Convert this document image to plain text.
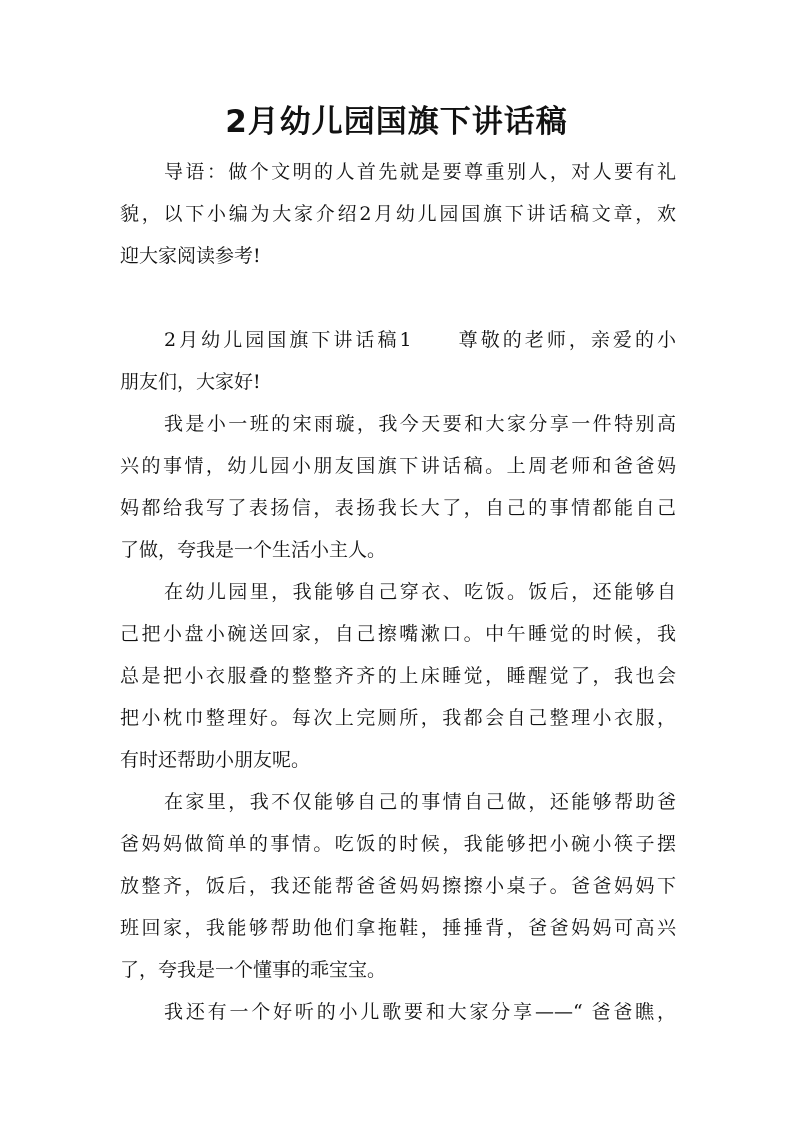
2月幼儿园国旗下讲话稿
导语：做个文明的人首先就是要尊重别人，对人要有礼
貌，以下小编为大家介绍2月幼儿园国旗下讲话稿文章，欢
迎大家阅读参考!
2月幼儿园国旗下讲话稿1　　尊敬的老师，亲爱的小
朋友们，大家好!
我是小一班的宋雨璇，我今天要和大家分享一件特别高
兴的事情，幼儿园小朋友国旗下讲话稿。上周老师和爸爸妈
妈都给我写了表扬信，表扬我长大了，自己的事情都能自己
了做，夸我是一个生活小主人。
在幼儿园里，我能够自己穿衣、吃饭。饭后，还能够自
己把小盘小碗送回家，自己擦嘴漱口。中午睡觉的时候，我
总是把小衣服叠的整整齐齐的上床睡觉，睡醒觉了，我也会
把小枕巾整理好。每次上完厕所，我都会自己整理小衣服，
有时还帮助小朋友呢。
在家里，我不仅能够自己的事情自己做，还能够帮助爸
爸妈妈做简单的事情。吃饭的时候，我能够把小碗小筷子摆
放整齐，饭后，我还能帮爸爸妈妈擦擦小桌子。爸爸妈妈下
班回家，我能够帮助他们拿拖鞋，捶捶背，爸爸妈妈可高兴
了，夸我是一个懂事的乖宝宝。
我还有一个好听的小儿歌要和大家分享——“ 爸爸瞧，
